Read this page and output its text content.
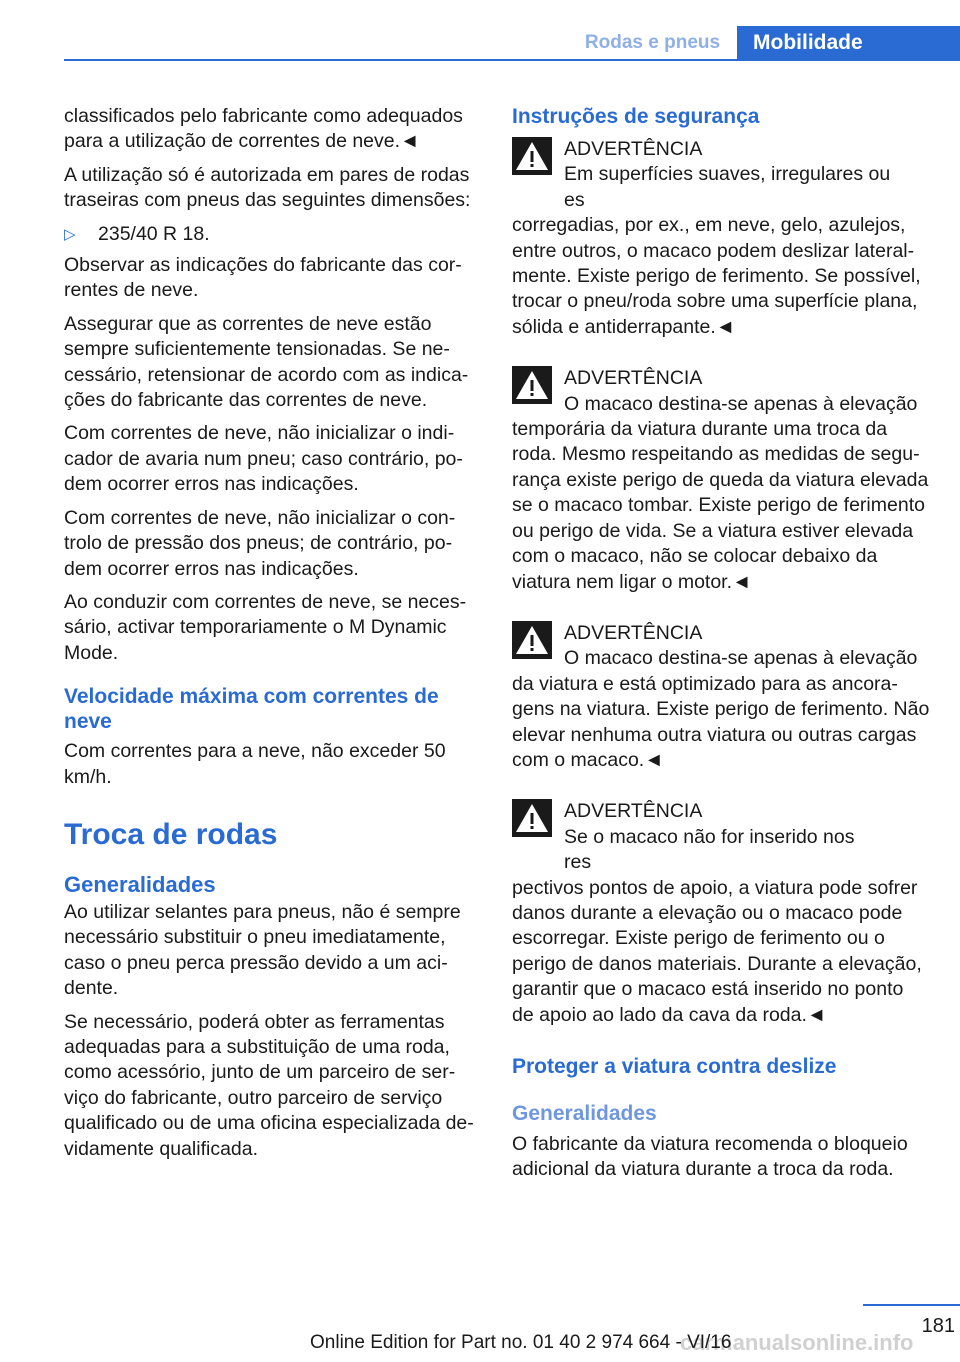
Rodas e pneus	Mobilidade

classificados pelo fabricante como adequados para a utilização de correntes de neve.◄

A utilização só é autorizada em pares de rodas traseiras com pneus das seguintes dimensões:

▷	235/40 R 18.

Observar as indicações do fabricante das correntes de neve.

Assegurar que as correntes de neve estão sempre suficientemente tensionadas. Se necessário, retensionar de acordo com as indicações do fabricante das correntes de neve.

Com correntes de neve, não inicializar o indicador de avaria num pneu; caso contrário, podem ocorrer erros nas indicações.

Com correntes de neve, não inicializar o controlo de pressão dos pneus; de contrário, podem ocorrer erros nas indicações.

Ao conduzir com correntes de neve, se necessário, activar temporariamente o M Dynamic Mode.

Velocidade máxima com correntes de neve

Com correntes para a neve, não exceder 50 km/h.

Troca de rodas
Generalidades

Ao utilizar selantes para pneus, não é sempre necessário substituir o pneu imediatamente, caso o pneu perca pressão devido a um acidente.

Se necessário, poderá obter as ferramentas adequadas para a substituição de uma roda, como acessório, junto de um parceiro de serviço do fabricante, outro parceiro de serviço qualificado ou de uma oficina especializada devidamente qualificada.

Instruções de segurança
ADVERTÊNCIA
Em superfícies suaves, irregulares ou es
corregadias, por ex., em neve, gelo, azulejos, entre outros, o macaco podem deslizar lateralmente. Existe perigo de ferimento. Se possível, trocar o pneu/roda sobre uma superfície plana, sólida e antiderrapante.◄
ADVERTÊNCIA
O macaco destina-se apenas à elevação
temporária da viatura durante uma troca da roda. Mesmo respeitando as medidas de segurança existe perigo de queda da viatura elevada se o macaco tombar. Existe perigo de ferimento ou perigo de vida. Se a viatura estiver elevada com o macaco, não se colocar debaixo da viatura nem ligar o motor.◄
ADVERTÊNCIA
O macaco destina-se apenas à elevação
da viatura e está optimizado para as ancoragens na viatura. Existe perigo de ferimento. Não elevar nenhuma outra viatura ou outras cargas com o macaco.◄
ADVERTÊNCIA
Se o macaco não for inserido nos res
pectivos pontos de apoio, a viatura pode sofrer danos durante a elevação ou o macaco pode escorregar. Existe perigo de ferimento ou o perigo de danos materiais. Durante a elevação, garantir que o macaco está inserido no ponto de apoio ao lado da cava da roda.◄
Proteger a viatura contra deslize
Generalidades

O fabricante da viatura recomenda o bloqueio adicional da viatura durante a troca da roda.

181
carmanualsonline.info
Online Edition for Part no. 01 40 2 974 664 - VI/16
